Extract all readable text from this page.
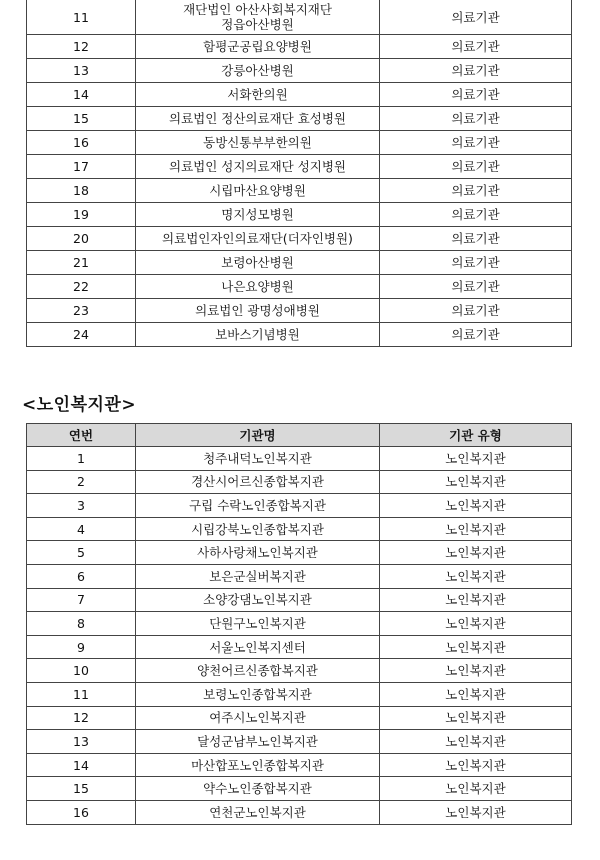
11	재단법인 아산사회복지재단
정읍아산병원	의료기관
12	함평군공립요양병원	의료기관
13	강릉아산병원	의료기관
14	서화한의원	의료기관
15	의료법인 정산의료재단 효성병원	의료기관
16	동방신통부부한의원	의료기관
17	의료법인 성지의료재단 성지병원	의료기관
18	시립마산요양병원	의료기관
19	명지성모병원	의료기관
20	의료법인자인의료재단(더자인병원)	의료기관
21	보령아산병원	의료기관
22	나은요양병원	의료기관
23	의료법인 광명성애병원	의료기관
24	보바스기념병원	의료기관
<노인복지관>
연번	기관명	기관 유형
1	청주내덕노인복지관	노인복지관
2	경산시어르신종합복지관	노인복지관
3	구립 수락노인종합복지관	노인복지관
4	시립강북노인종합복지관	노인복지관
5	사하사랑채노인복지관	노인복지관
6	보은군실버복지관	노인복지관
7	소양강댐노인복지관	노인복지관
8	단원구노인복지관	노인복지관
9	서울노인복지센터	노인복지관
10	양천어르신종합복지관	노인복지관
11	보령노인종합복지관	노인복지관
12	여주시노인복지관	노인복지관
13	달성군남부노인복지관	노인복지관
14	마산합포노인종합복지관	노인복지관
15	약수노인종합복지관	노인복지관
16	연천군노인복지관	노인복지관
